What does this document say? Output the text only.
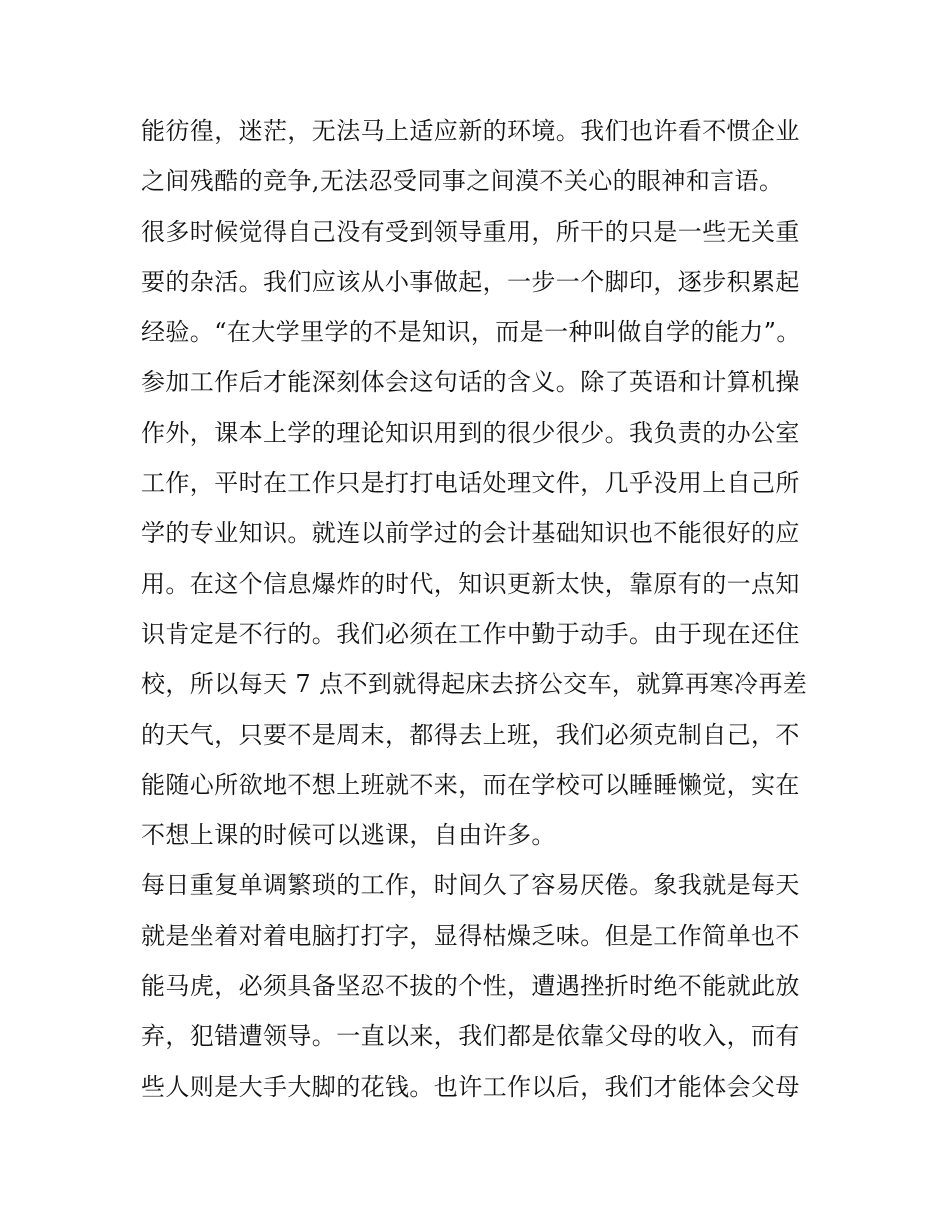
能彷徨，迷茫，无法马上适应新的环境。我们也许看不惯企业
之间残酷的竞争,无法忍受同事之间漠不关心的眼神和言语。
很多时候觉得自己没有受到领导重用，所干的只是一些无关重
要的杂活。我们应该从小事做起，一步一个脚印，逐步积累起
经验。“在大学里学的不是知识，而是一种叫做自学的能力”。
参加工作后才能深刻体会这句话的含义。除了英语和计算机操
作外，课本上学的理论知识用到的很少很少。我负责的办公室
工作，平时在工作只是打打电话处理文件，几乎没用上自己所
学的专业知识。就连以前学过的会计基础知识也不能很好的应
用。在这个信息爆炸的时代，知识更新太快，靠原有的一点知
识肯定是不行的。我们必须在工作中勤于动手。由于现在还住
校，所以每天 7 点不到就得起床去挤公交车，就算再寒冷再差
的天气，只要不是周末，都得去上班，我们必须克制自己，不
能随心所欲地不想上班就不来，而在学校可以睡睡懒觉，实在
不想上课的时候可以逃课，自由许多。
每日重复单调繁琐的工作，时间久了容易厌倦。象我就是每天
就是坐着对着电脑打打字，显得枯燥乏味。但是工作简单也不
能马虎，必须具备坚忍不拔的个性，遭遇挫折时绝不能就此放
弃，犯错遭领导。一直以来，我们都是依靠父母的收入，而有
些人则是大手大脚的花钱。也许工作以后，我们才能体会父母
